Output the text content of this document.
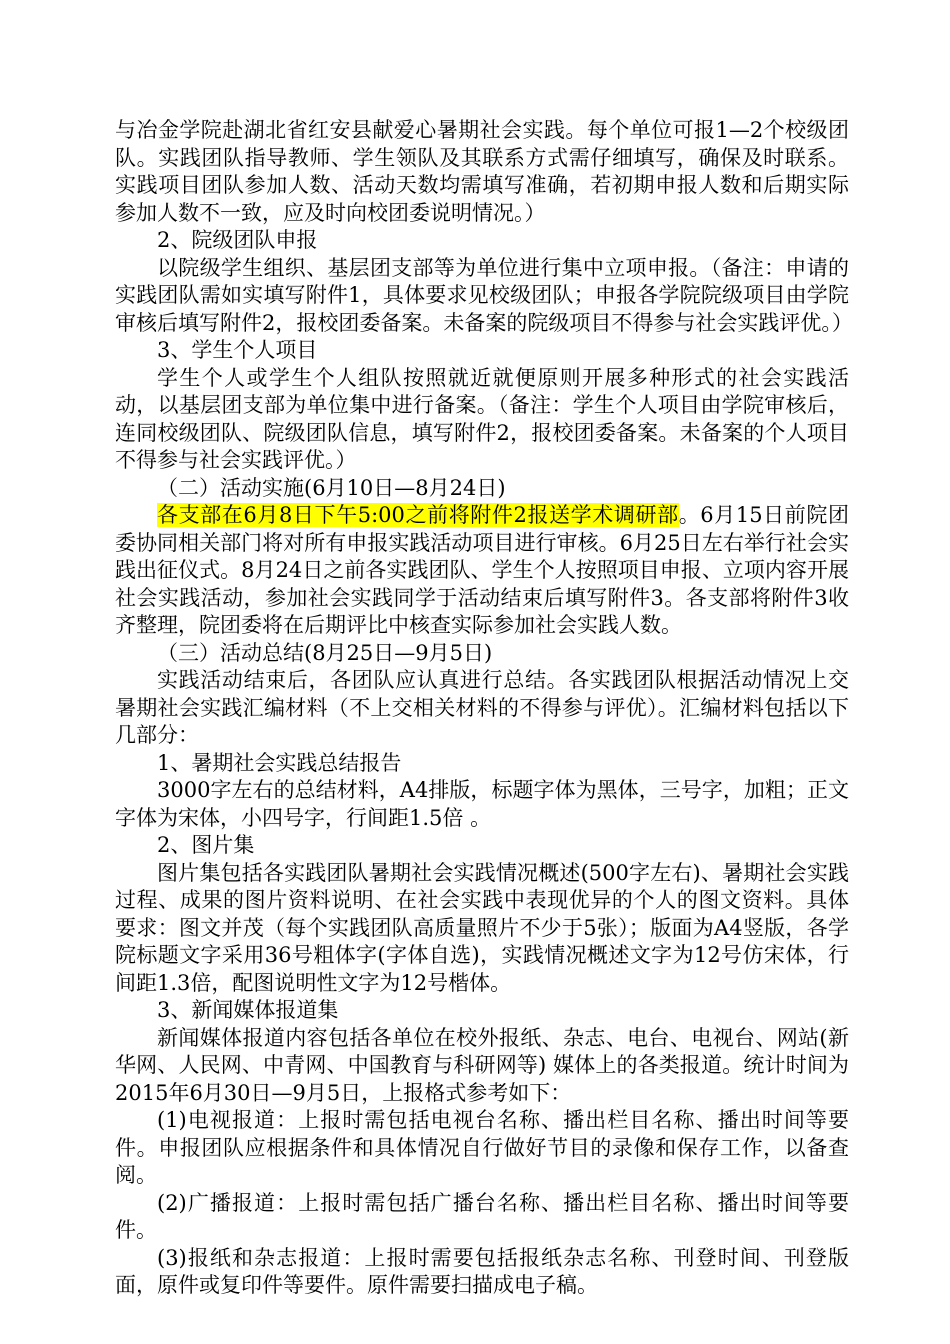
与冶金学院赴湖北省红安县献爱心暑期社会实践。每个单位可报1—2个校级团队。实践团队指导教师、学生领队及其联系方式需仔细填写，确保及时联系。实践项目团队参加人数、活动天数均需填写准确，若初期申报人数和后期实际参加人数不一致，应及时向校团委说明情况。）

2、院级团队申报

以院级学生组织、基层团支部等为单位进行集中立项申报。（备注：申请的实践团队需如实填写附件1，具体要求见校级团队；申报各学院院级项目由学院审核后填写附件2，报校团委备案。未备案的院级项目不得参与社会实践评优。）

3、学生个人项目

学生个人或学生个人组队按照就近就便原则开展多种形式的社会实践活动，以基层团支部为单位集中进行备案。（备注：学生个人项目由学院审核后，连同校级团队、院级团队信息，填写附件2，报校团委备案。未备案的个人项目不得参与社会实践评优。）

（二）活动实施(6月10日—8月24日)

各支部在6月8日下午5:00之前将附件2报送学术调研部。6月15日前院团委协同相关部门将对所有申报实践活动项目进行审核。6月25日左右举行社会实践出征仪式。8月24日之前各实践团队、学生个人按照项目申报、立项内容开展社会实践活动，参加社会实践同学于活动结束后填写附件3。各支部将附件3收齐整理，院团委将在后期评比中核查实际参加社会实践人数。

（三）活动总结(8月25日—9月5日)

实践活动结束后，各团队应认真进行总结。各实践团队根据活动情况上交暑期社会实践汇编材料（不上交相关材料的不得参与评优）。汇编材料包括以下几部分：

1、暑期社会实践总结报告

3000字左右的总结材料，A4排版，标题字体为黑体，三号字，加粗；正文字体为宋体，小四号字，行间距1.5倍 。

2、图片集

图片集包括各实践团队暑期社会实践情况概述(500字左右)、暑期社会实践过程、成果的图片资料说明、在社会实践中表现优异的个人的图文资料。具体要求：图文并茂（每个实践团队高质量照片不少于5张）；版面为A4竖版，各学院标题文字采用36号粗体字(字体自选)，实践情况概述文字为12号仿宋体，行间距1.3倍，配图说明性文字为12号楷体。

3、新闻媒体报道集

新闻媒体报道内容包括各单位在校外报纸、杂志、电台、电视台、网站(新华网、人民网、中青网、中国教育与科研网等) 媒体上的各类报道。统计时间为2015年6月30日—9月5日，上报格式参考如下：

(1)电视报道：上报时需包括电视台名称、播出栏目名称、播出时间等要件。申报团队应根据条件和具体情况自行做好节目的录像和保存工作，以备查阅。

(2)广播报道：上报时需包括广播台名称、播出栏目名称、播出时间等要件。

(3)报纸和杂志报道：上报时需要包括报纸杂志名称、刊登时间、刊登版面，原件或复印件等要件。原件需要扫描成电子稿。
